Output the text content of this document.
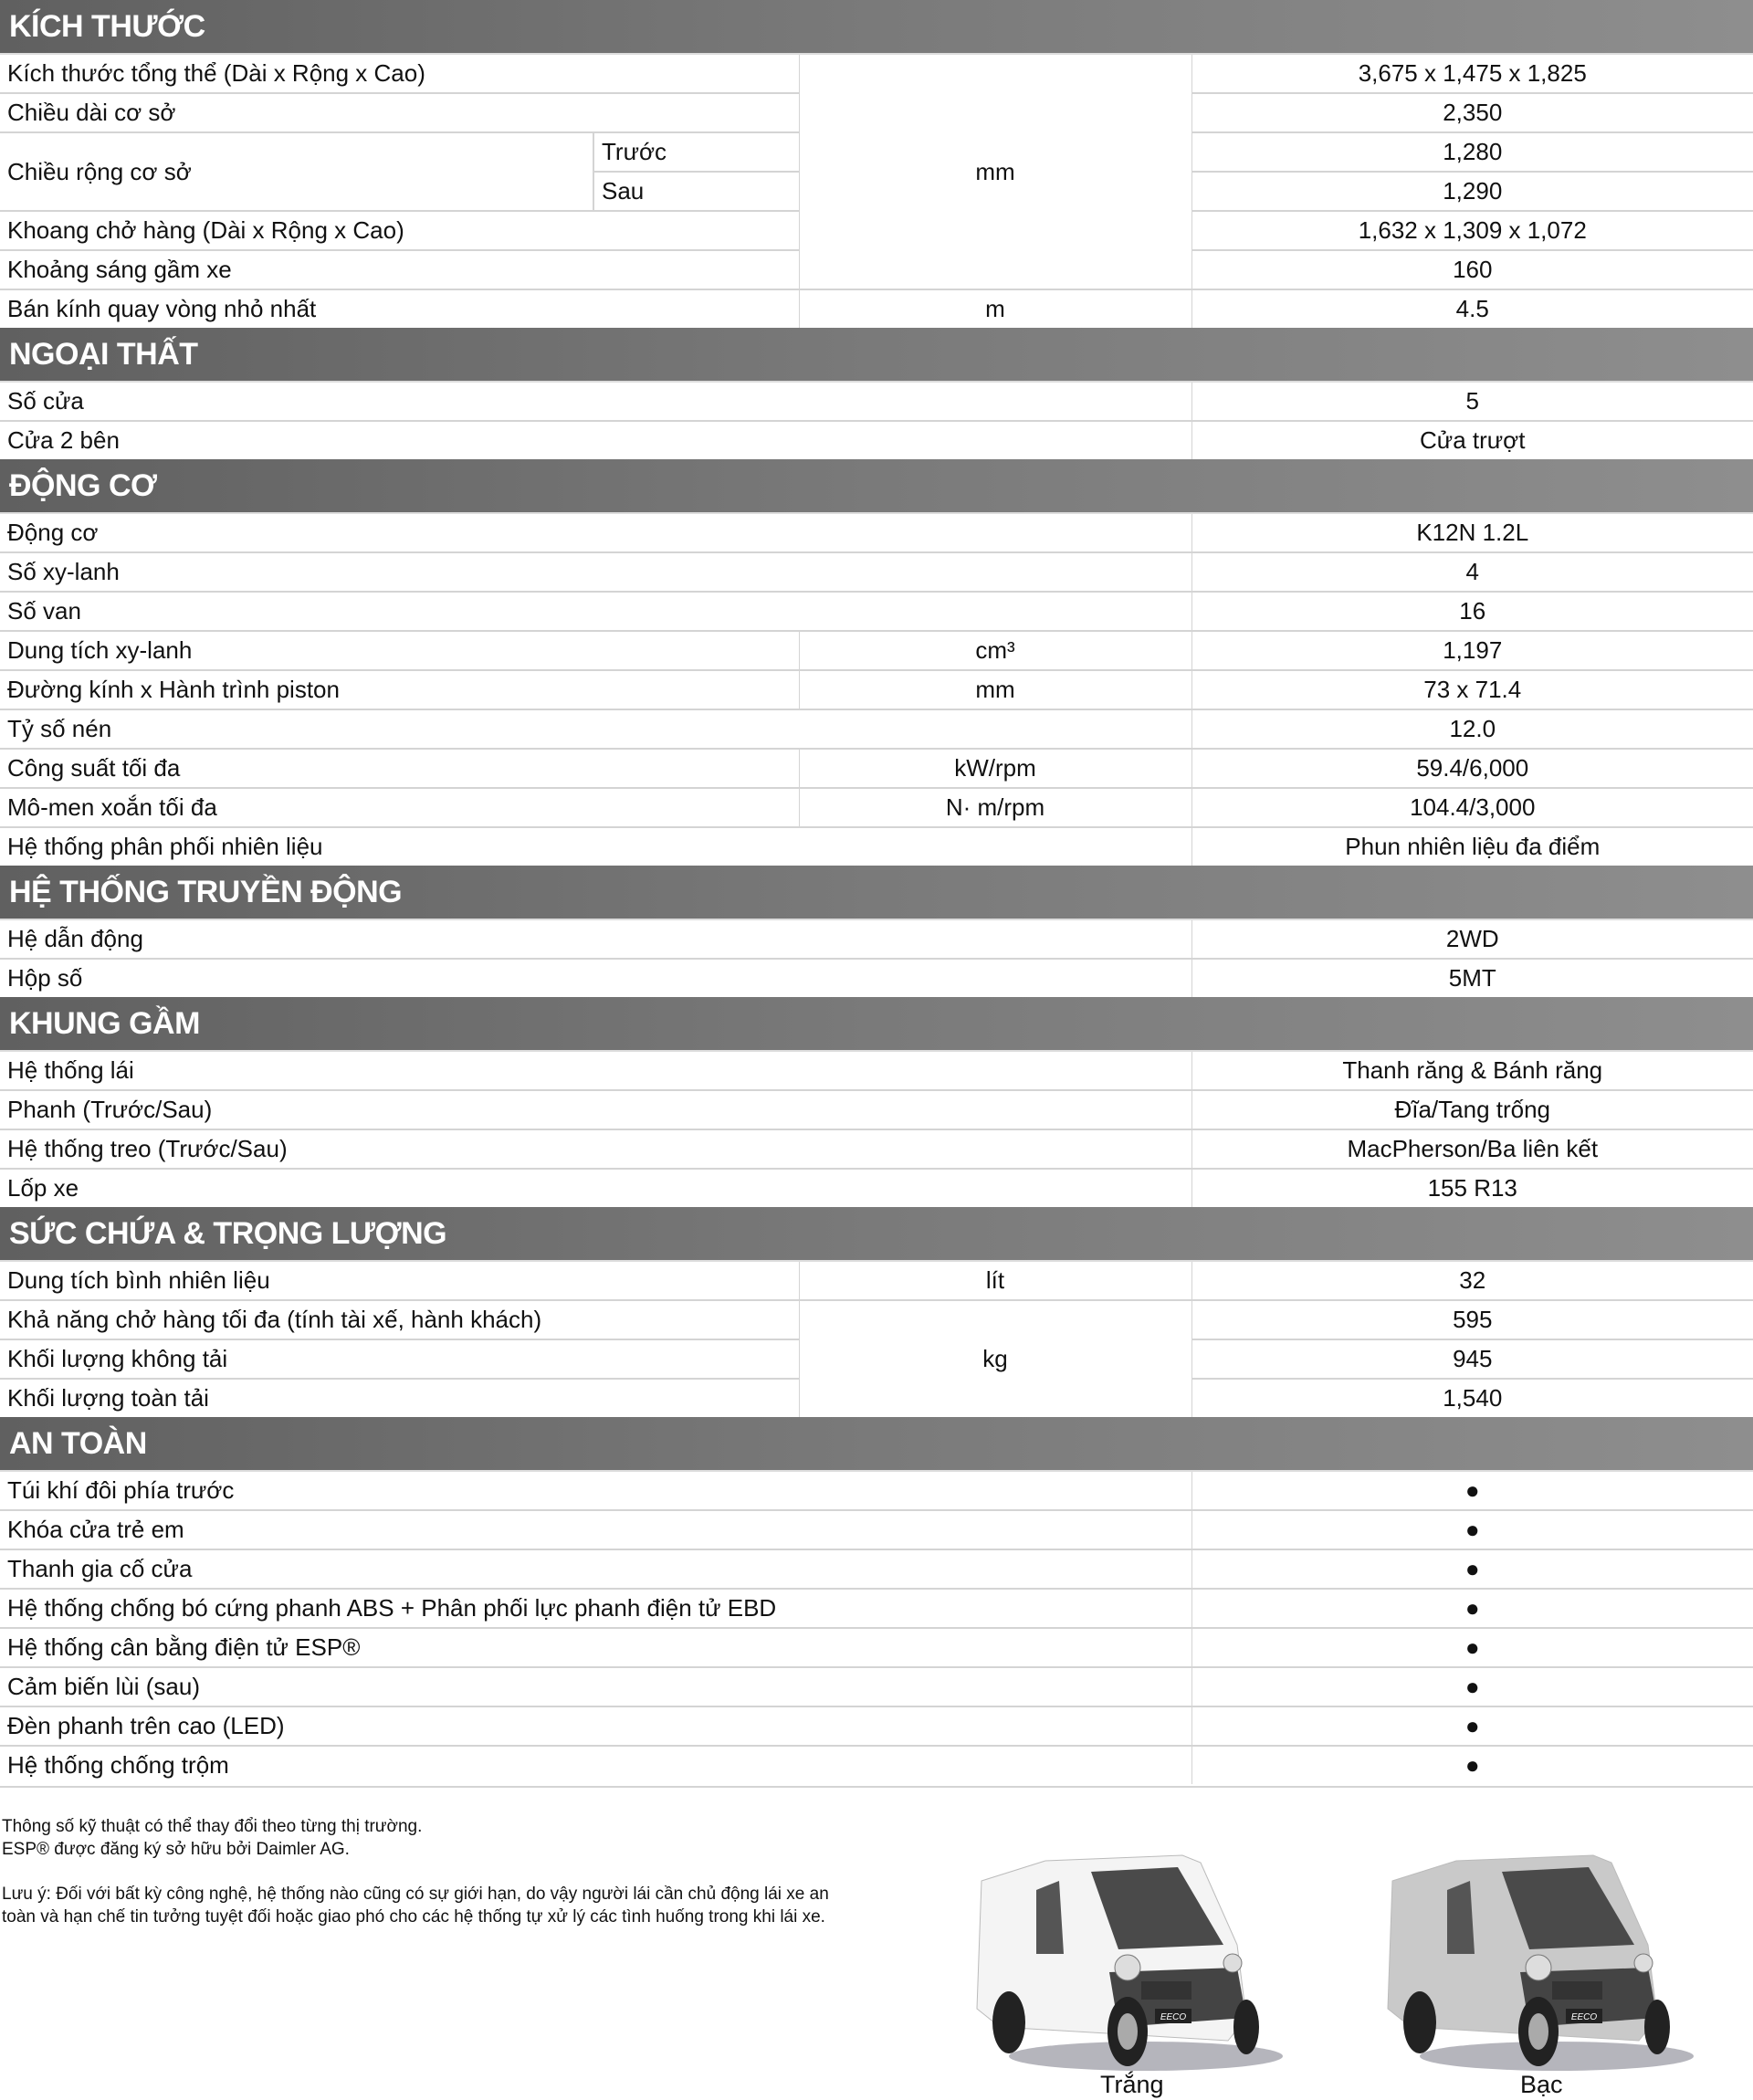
KÍCH THƯỚC			
Kích thước tổng thể (Dài x Rộng x Cao)		mm	3,675 x 1,475 x 1,825
Chiều dài cơ sở			2,350
Chiều rộng cơ sở	Trước		1,280
	Sau		1,290
Khoang chở hàng (Dài x Rộng x Cao)			1,632 x 1,309 x 1,072
Khoảng sáng gầm xe			160
Bán kính quay vòng nhỏ nhất		m	4.5
NGOẠI THẤT			
Số cửa			5
Cửa 2 bên			Cửa trượt
ĐỘNG CƠ			
Động cơ			K12N 1.2L
Số xy-lanh			4
Số van			16
Dung tích xy-lanh		cm³	1,197
Đường kính x Hành trình piston		mm	73 x 71.4
Tỷ số nén			12.0
Công suất tối đa		kW/rpm	59.4/6,000
Mô-men xoắn tối đa		N· m/rpm	104.4/3,000
Hệ thống phân phối nhiên liệu			Phun nhiên liệu đa điểm
HỆ THỐNG TRUYỀN ĐỘNG			
Hệ dẫn động			2WD
Hộp số			5MT
KHUNG GẦM			
Hệ thống lái			Thanh răng & Bánh răng
Phanh (Trước/Sau)			Đĩa/Tang trống
Hệ thống treo (Trước/Sau)			MacPherson/Ba liên kết
Lốp xe			155 R13
SỨC CHỨA & TRỌNG LƯỢNG			
Dung tích bình nhiên liệu		lít	32
Khả năng chở hàng tối đa (tính tài xế, hành khách)		kg	595
Khối lượng không tải			945
Khối lượng toàn tải			1,540
AN TOÀN			
Túi khí đôi phía trước			●
Khóa cửa trẻ em			●
Thanh gia cố cửa			●
Hệ thống chống bó cứng phanh ABS + Phân phối lực phanh điện tử EBD			●
Hệ thống cân bằng điện tử ESP®			●
Cảm biến lùi (sau)			●
Đèn phanh trên cao (LED)			●
Hệ thống chống trộm			●

Thông số kỹ thuật có thể thay đổi theo từng thị trường.

ESP® được đăng ký sở hữu bởi Daimler AG.

Lưu ý: Đối với bất kỳ công nghệ, hệ thống nào cũng có sự giới hạn, do vậy người lái cần chủ động lái xe an

toàn và hạn chế tin tưởng tuyệt đối hoặc giao phó cho các hệ thống tự xử lý các tình huống trong khi lái xe.

EECO
Trắng
EECO
Bạc
